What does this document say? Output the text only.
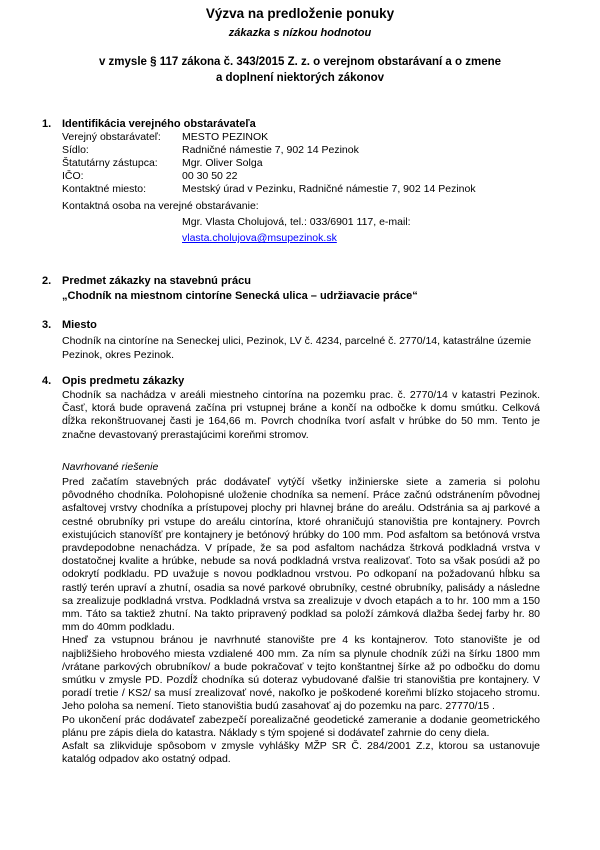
Výzva na predloženie ponuky
zákazka s nízkou hodnotou
v zmysle § 117 zákona č. 343/2015 Z. z. o verejnom obstarávaní a o zmene
a doplnení niektorých zákonov
1. Identifikácia verejného obstarávateľa
Verejný obstarávateľ: MESTO PEZINOK
Sídlo:	Radničné námestie 7, 902 14 Pezinok
Štatutárny zástupca: Mgr. Oliver Solga
IČO:	00 30 50 22
Kontaktné miesto:	Mestský úrad v Pezinku, Radničné námestie 7, 902 14 Pezinok
Kontaktná osoba na verejné obstarávanie:
Mgr. Vlasta Cholujová, tel.: 033/6901 117, e-mail:
vlasta.cholujova@msupezinok.sk
2. Predmet zákazky na stavebnú prácu
„Chodník na miestnom cintoríne Senecká ulica – udržiavacie práce“
3. Miesto
Chodník na cintoríne na Seneckej ulici, Pezinok, LV č. 4234, parcelné č. 2770/14, katastrálne územie
Pezinok, okres Pezinok.
4. Opis predmetu zákazky

Chodník sa nachádza v areáli miestneho cintorína na pozemku prac. č. 2770/14 v katastri Pezinok. Časť, ktorá bude opravená začína pri vstupnej bráne a končí na odbočke k domu smútku. Celková dĺžka rekonštruovanej časti je 164,66 m. Povrch chodníka tvorí asfalt v hrúbke do 50 mm. Tento je značne devastovaný prerastajúcimi koreňmi stromov.

Navrhované riešenie

Pred začatím stavebných prác dodávateľ vytýčí všetky inžinierske siete a zameria si polohu pôvodného chodníka. Polohopisné uloženie chodníka sa nemení. Práce začnú odstránením pôvodnej asfaltovej vrstvy chodníka a prístupovej plochy pri hlavnej bráne do areálu. Odstránia sa aj parkové a cestné obrubníky pri vstupe do areálu cintorína, ktoré ohraničujú stanovištia pre kontajnery. Povrch existujúcich stanovíšť pre kontajnery je betónový hrúbky do 100 mm. Pod asfaltom sa betónová vrstva pravdepodobne nenachádza. V prípade, že sa pod asfaltom nachádza štrková podkladná vrstva v dostatočnej kvalite a hrúbke, nebude sa nová podkladná vrstva realizovať. Toto sa však posúdi až po odokrytí podkladu. PD uvažuje s novou podkladnou vrstvou. Po odkopaní na požadovanú hĺbku sa rastlý terén upraví a zhutní, osadia sa nové parkové obrubníky, cestné obrubníky, palisády a následne sa zrealizuje podkladná vrstva. Podkladná vrstva sa zrealizuje v dvoch etapách a to hr. 100 mm a 150 mm. Táto sa taktiež zhutní. Na takto pripravený podklad sa položí zámková dlažba šedej farby hr. 80 mm do 40mm podkladu.

Hneď za vstupnou bránou je navrhnuté stanovište pre 4 ks kontajnerov. Toto stanovište je od najbližšieho hrobového miesta vzdialené 400 mm. Za ním sa plynule chodník zúži na šírku 1800 mm /vrátane parkových obrubníkov/ a bude pokračovať v tejto konštantnej šírke až po odbočku do domu smútku v zmysle PD. Pozdĺž chodníka sú doteraz vybudované ďalšie tri stanovištia pre kontajnery. V poradí tretie / KS2/ sa musí zrealizovať nové, nakoľko je poškodené koreňmi blízko stojaceho stromu. Jeho poloha sa nemení. Tieto stanovištia budú zasahovať aj do pozemku na parc. 27770/15 .

Po ukončení prác dodávateľ zabezpečí porealizačné geodetické zameranie a dodanie geometrického plánu pre zápis diela do katastra. Náklady s tým spojené si dodávateľ zahrnie do ceny diela.

Asfalt sa zlikviduje spôsobom v zmysle vyhlášky MŽP SR Č. 284/2001 Z.z, ktorou sa ustanovuje katalóg odpadov ako ostatný odpad.
